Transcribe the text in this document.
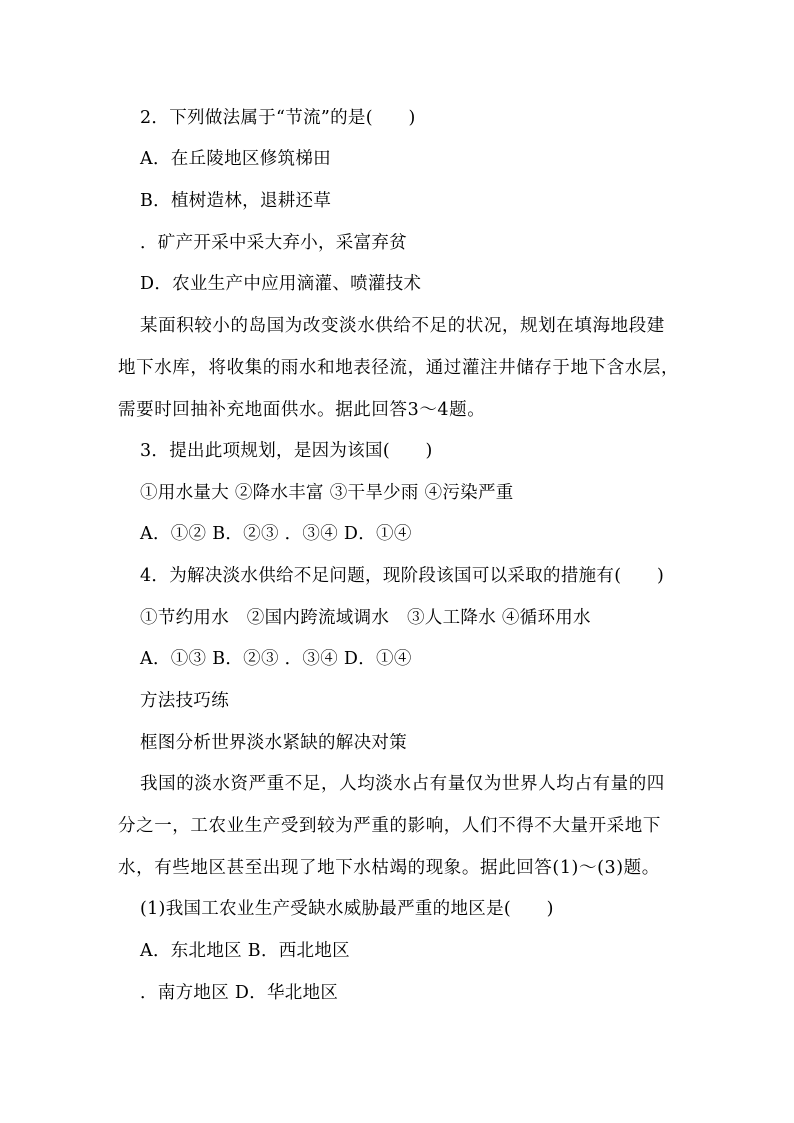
2．下列做法属于“节流”的是(　　)
A．在丘陵地区修筑梯田
B．植树造林，退耕还草
．矿产开采中采大弃小，采富弃贫
D．农业生产中应用滴灌、喷灌技术
某面积较小的岛国为改变淡水供给不足的状况，规划在填海地段建
地下水库，将收集的雨水和地表径流，通过灌注井储存于地下含水层，
需要时回抽补充地面供水。据此回答3～4题。
3．提出此项规划，是因为该国(　　)
①用水量大 ②降水丰富 ③干旱少雨 ④污染严重
A．①② B．②③ ．③④ D．①④
4．为解决淡水供给不足问题，现阶段该国可以采取的措施有(　　)
①节约用水　②国内跨流域调水　③人工降水 ④循环用水
A．①③ B．②③ ．③④ D．①④
方法技巧练
框图分析世界淡水紧缺的解决对策
我国的淡水资严重不足，人均淡水占有量仅为世界人均占有量的四
分之一，工农业生产受到较为严重的影响，人们不得不大量开采地下
水，有些地区甚至出现了地下水枯竭的现象。据此回答(1)～(3)题。
(1)我国工农业生产受缺水威胁最严重的地区是(　　)
A．东北地区 B．西北地区
．南方地区 D．华北地区
